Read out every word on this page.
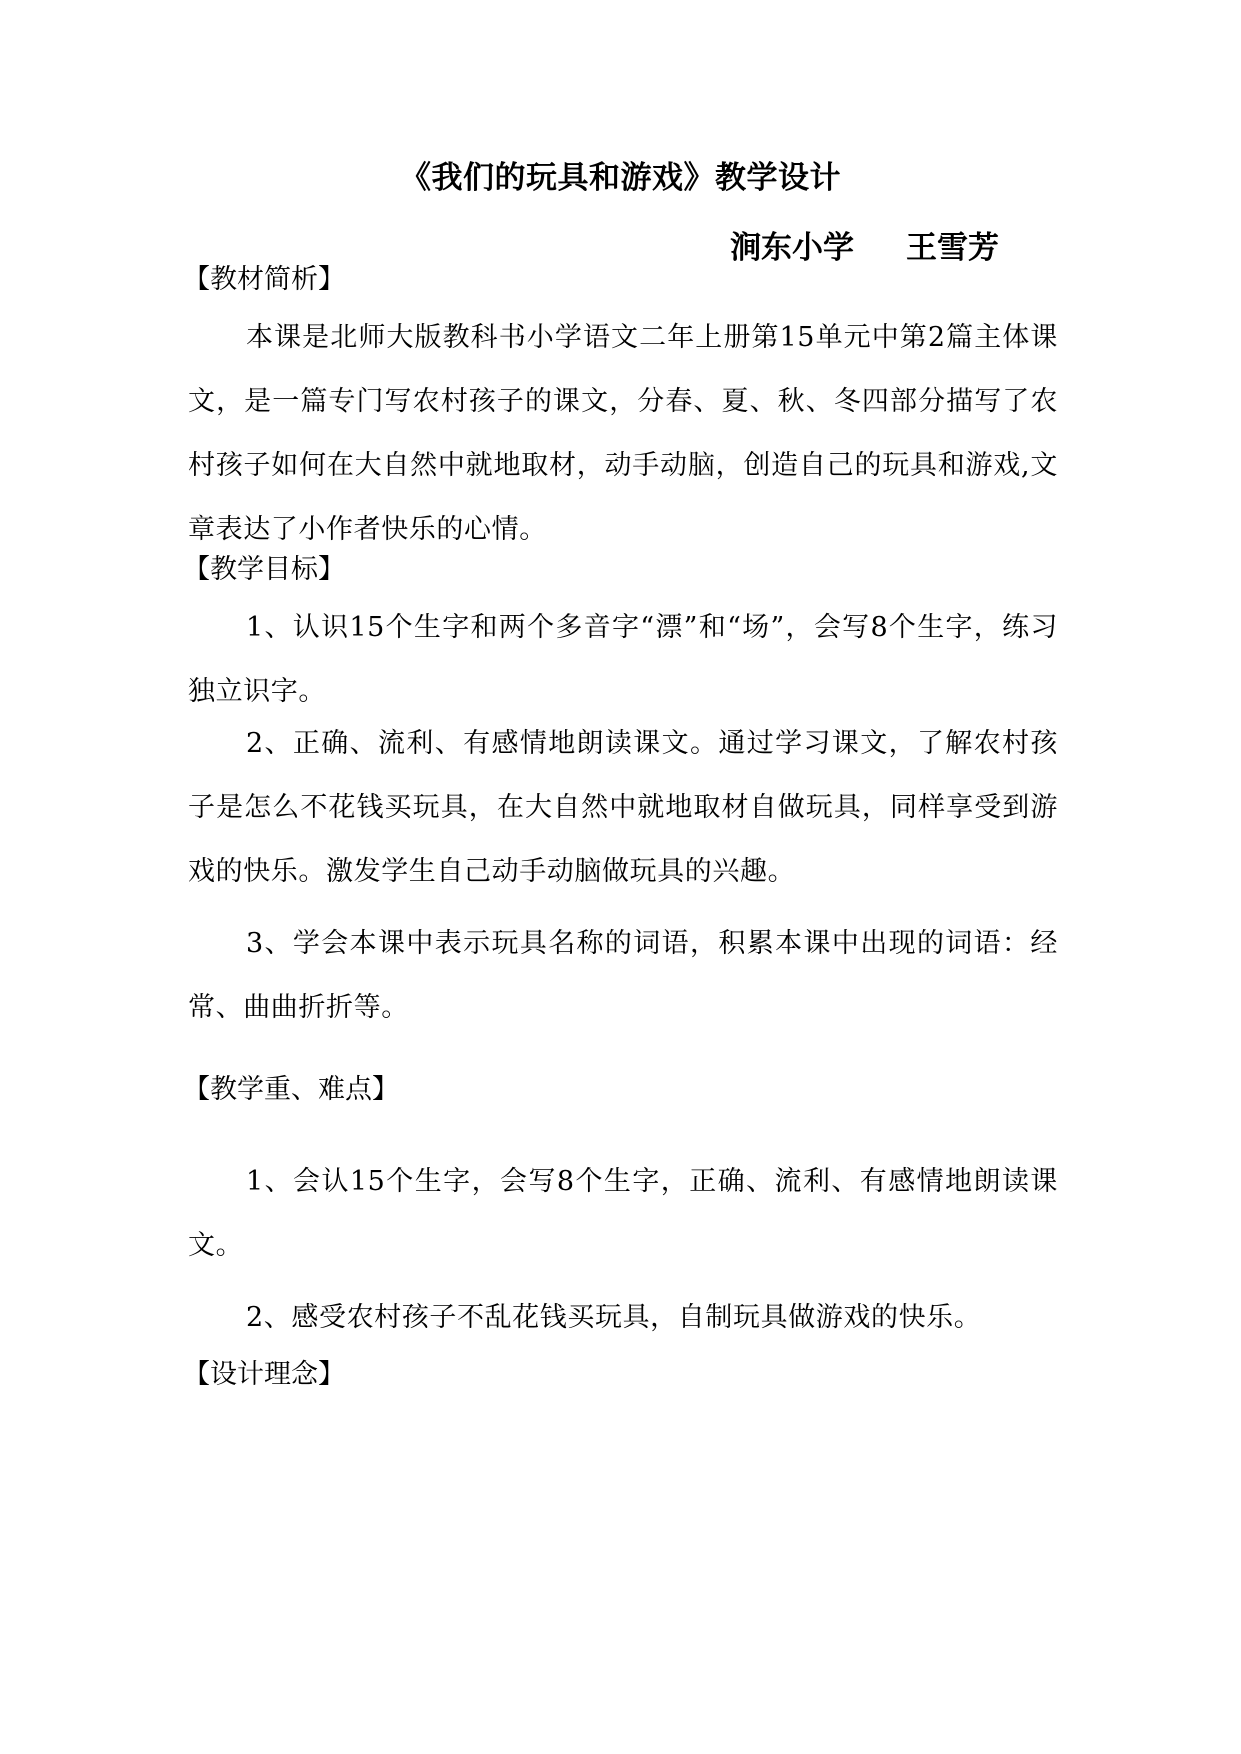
《我们的玩具和游戏》教学设计
涧东小学 王雪芳
【教材简析】
本课是北师大版教科书小学语文二年上册第15单元中第2篇主体课文，是一篇专门写农村孩子的课文，分春、夏、秋、冬四部分描写了农村孩子如何在大自然中就地取材，动手动脑，创造自己的玩具和游戏,文章表达了小作者快乐的心情。
【教学目标】
1、认识15个生字和两个多音字“漂”和“场”，会写8个生字，练习独立识字。
2、正确、流利、有感情地朗读课文。通过学习课文，了解农村孩子是怎么不花钱买玩具，在大自然中就地取材自做玩具，同样享受到游戏的快乐。激发学生自己动手动脑做玩具的兴趣。
3、学会本课中表示玩具名称的词语，积累本课中出现的词语：经常、曲曲折折等。
【教学重、难点】
1、会认15个生字，会写8个生字，正确、流利、有感情地朗读课文。
2、感受农村孩子不乱花钱买玩具，自制玩具做游戏的快乐。
【设计理念】
